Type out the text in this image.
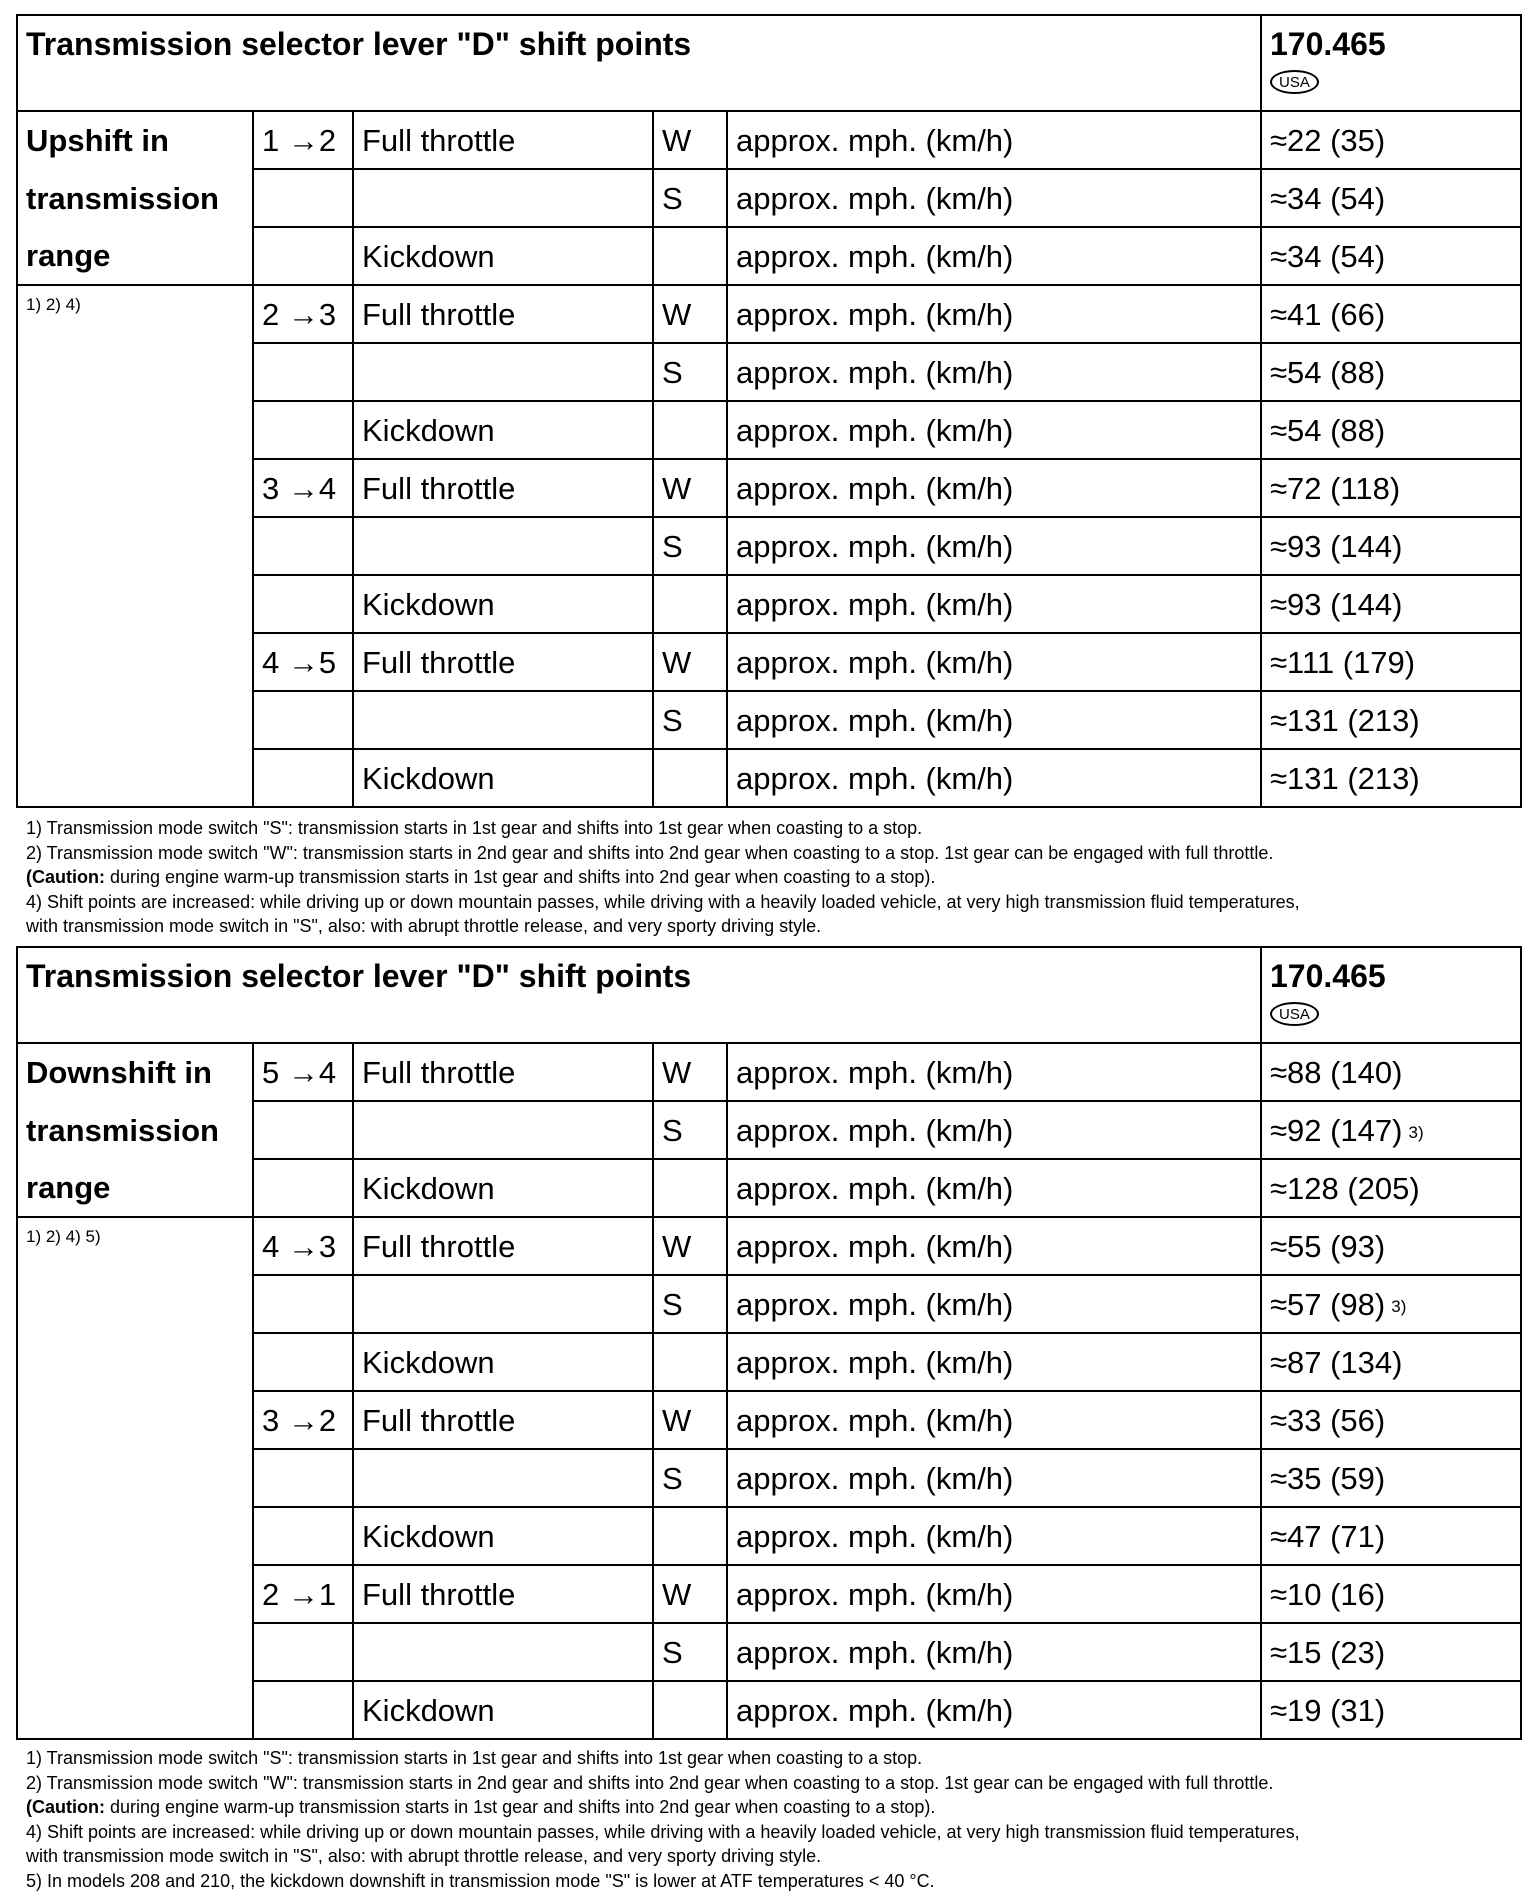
Transmission selector lever "D" shift points					170.465
USA
Upshift in	1 →2	Full throttle	W	approx. mph. (km/h)	≈22 (35)
transmission			S	approx. mph. (km/h)	≈34 (54)
range		Kickdown		approx. mph. (km/h)	≈34 (54)
1) 2) 4)	2 →3	Full throttle	W	approx. mph. (km/h)	≈41 (66)
			S	approx. mph. (km/h)	≈54 (88)
		Kickdown		approx. mph. (km/h)	≈54 (88)
	3 →4	Full throttle	W	approx. mph. (km/h)	≈72 (118)
			S	approx. mph. (km/h)	≈93 (144)
		Kickdown		approx. mph. (km/h)	≈93 (144)
	4 →5	Full throttle	W	approx. mph. (km/h)	≈111 (179)
			S	approx. mph. (km/h)	≈131 (213)
		Kickdown		approx. mph. (km/h)	≈131 (213)
1) Transmission mode switch "S": transmission starts in 1st gear and shifts into 1st gear when coasting to a stop.
2) Transmission mode switch "W": transmission starts in 2nd gear and shifts into 2nd gear when coasting to a stop. 1st gear can be engaged with full throttle.
(Caution: during engine warm-up transmission starts in 1st gear and shifts into 2nd gear when coasting to a stop).
4) Shift points are increased: while driving up or down mountain passes, while driving with a heavily loaded vehicle, at very high transmission fluid temperatures,
with transmission mode switch in "S", also: with abrupt throttle release, and very sporty driving style.
Transmission selector lever "D" shift points					170.465
USA
Downshift in	5 →4	Full throttle	W	approx. mph. (km/h)	≈88 (140)
transmission			S	approx. mph. (km/h)	≈92 (147) 3)
range		Kickdown		approx. mph. (km/h)	≈128 (205)
1) 2) 4) 5)	4 →3	Full throttle	W	approx. mph. (km/h)	≈55 (93)
			S	approx. mph. (km/h)	≈57 (98) 3)
		Kickdown		approx. mph. (km/h)	≈87 (134)
	3 →2	Full throttle	W	approx. mph. (km/h)	≈33 (56)
			S	approx. mph. (km/h)	≈35 (59)
		Kickdown		approx. mph. (km/h)	≈47 (71)
	2 →1	Full throttle	W	approx. mph. (km/h)	≈10 (16)
			S	approx. mph. (km/h)	≈15 (23)
		Kickdown		approx. mph. (km/h)	≈19 (31)
1) Transmission mode switch "S": transmission starts in 1st gear and shifts into 1st gear when coasting to a stop.
2) Transmission mode switch "W": transmission starts in 2nd gear and shifts into 2nd gear when coasting to a stop. 1st gear can be engaged with full throttle.
(Caution: during engine warm-up transmission starts in 1st gear and shifts into 2nd gear when coasting to a stop).
4) Shift points are increased: while driving up or down mountain passes, while driving with a heavily loaded vehicle, at very high transmission fluid temperatures,
with transmission mode switch in "S", also: with abrupt throttle release, and very sporty driving style.
5) In models 208 and 210, the kickdown downshift in transmission mode "S" is lower at ATF temperatures < 40 °C.
